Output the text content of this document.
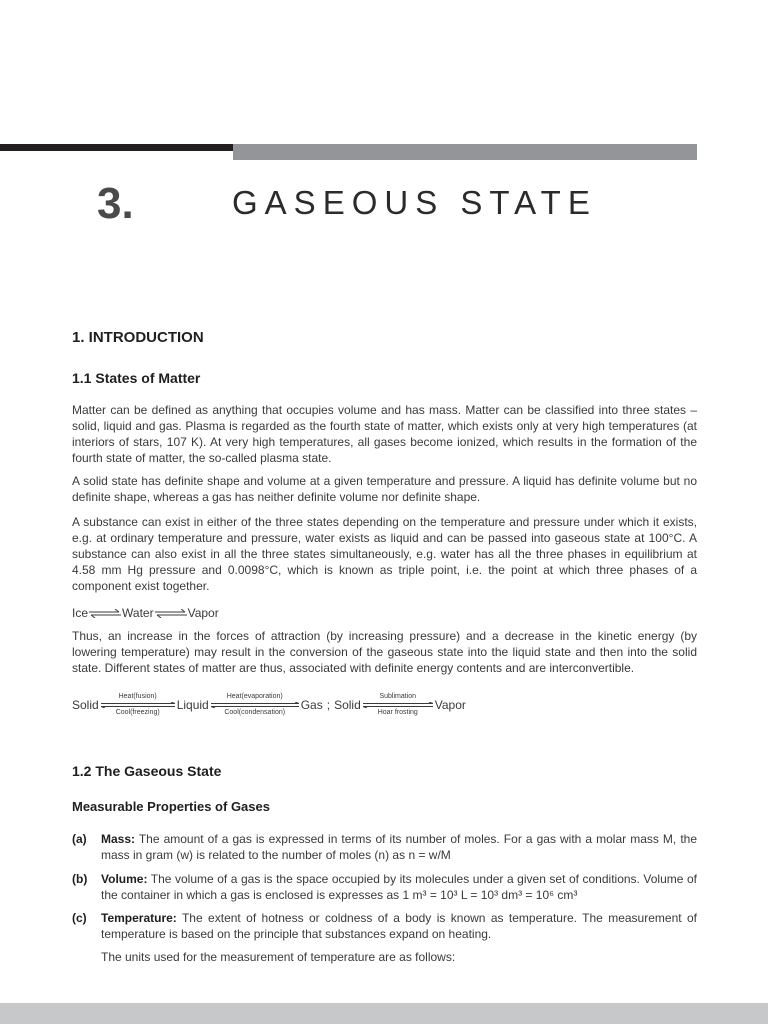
3.	GASEOUS STATE
1. INTRODUCTION
1.1 States of Matter

Matter can be defined as anything that occupies volume and has mass. Matter can be classified into three states – solid, liquid and gas. Plasma is regarded as the fourth state of matter, which exists only at very high temperatures (at interiors of stars, 107 K). At very high temperatures, all gases become ionized, which results in the formation of the fourth state of matter, the so-called plasma state.

A solid state has definite shape and volume at a given temperature and pressure. A liquid has definite volume but no definite shape, whereas a gas has neither definite volume nor definite shape.

A substance can exist in either of the three states depending on the temperature and pressure under which it exists, e.g. at ordinary temperature and pressure, water exists as liquid and can be passed into gaseous state at 100°C. A substance can also exist in all the three states simultaneously, e.g. water has all the three phases in equilibrium at 4.58 mm Hg pressure and 0.0098°C, which is known as triple point, i.e. the point at which three phases of a component exist together.

Ice ⇌ Water ⇌ Vapor

Thus, an increase in the forces of attraction (by increasing pressure) and a decrease in the kinetic energy (by lowering temperature) may result in the conversion of the gaseous state into the liquid state and then into the solid state. Different states of matter are thus, associated with definite energy contents and are interconvertible.

Solid
Heat(fusion)
Cool(freezing)
Liquid
Heat(evaporation)
Cool(condensation)
Gas ; Solid
Sublimation
Hoar frosting
Vapor
1.2 The Gaseous State
Measurable Properties of Gases
(a) Mass: The amount of a gas is expressed in terms of its number of moles. For a gas with a molar mass M, the mass in gram (w) is related to the number of moles (n) as n = w/M
(b) Volume: The volume of a gas is the space occupied by its molecules under a given set of conditions. Volume of the container in which a gas is enclosed is expresses as 1 m³ = 10³ L = 10³ dm³ = 10⁶ cm³
(c) Temperature: The extent of hotness or coldness of a body is known as temperature. The measurement of temperature is based on the principle that substances expand on heating.
The units used for the measurement of temperature are as follows:
